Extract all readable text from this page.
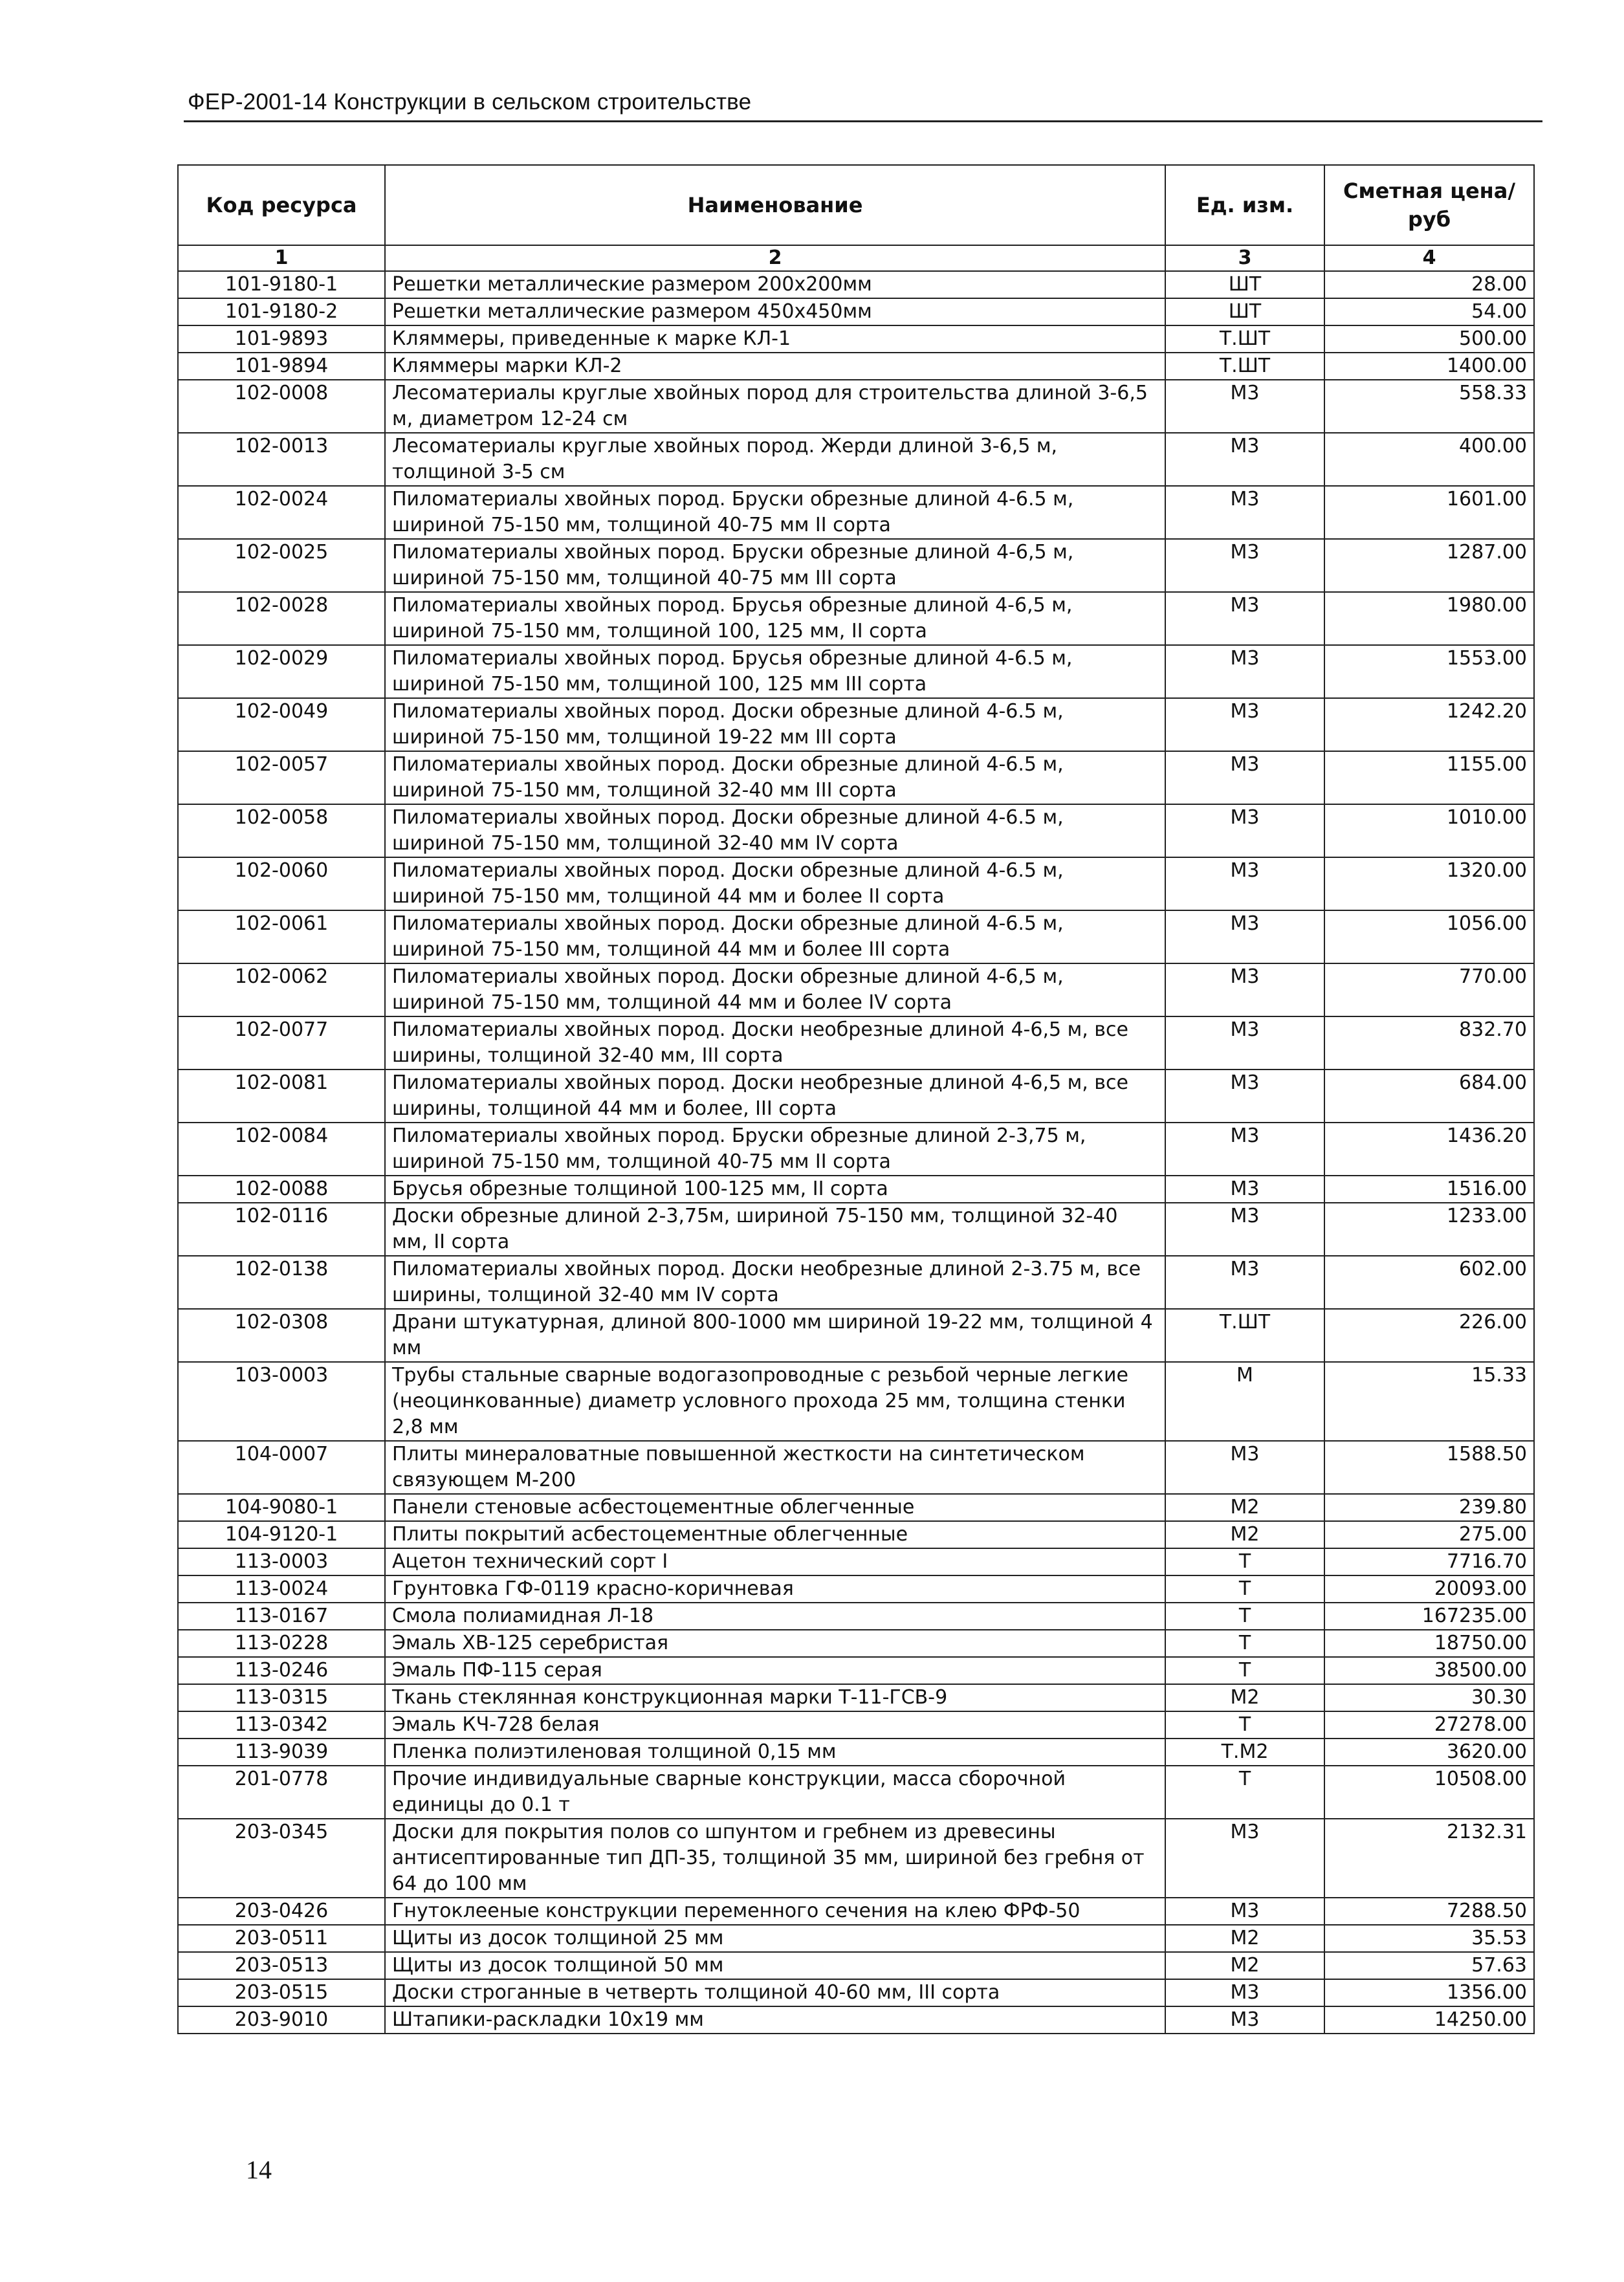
ФЕР-2001-14 Конструкции в сельском строительстве
Код ресурса	Наименование	Ед. изм.	Сметная цена/руб
1	2	3	4
101-9180-1	Решетки металлические размером 200х200мм	ШТ	28.00
101-9180-2	Решетки металлические размером 450х450мм	ШТ	54.00
101-9893	Кляммеры, приведенные к марке КЛ-1	Т.ШТ	500.00
101-9894	Кляммеры марки КЛ-2	Т.ШТ	1400.00
102-0008	Лесоматериалы круглые хвойных пород для строительства длиной 3-6,5 м, диаметром 12-24 см	М3	558.33
102-0013	Лесоматериалы круглые хвойных пород. Жерди длиной 3-6,5 м, толщиной 3-5 см	М3	400.00
102-0024	Пиломатериалы хвойных пород. Бруски обрезные длиной 4-6.5 м, шириной 75-150 мм, толщиной 40-75 мм II сорта	М3	1601.00
102-0025	Пиломатериалы хвойных пород. Бруски обрезные длиной 4-6,5 м, шириной 75-150 мм, толщиной 40-75 мм III сорта	М3	1287.00
102-0028	Пиломатериалы хвойных пород. Брусья обрезные длиной 4-6,5 м, шириной 75-150 мм, толщиной 100, 125 мм, II сорта	М3	1980.00
102-0029	Пиломатериалы хвойных пород. Брусья обрезные длиной 4-6.5 м, шириной 75-150 мм, толщиной 100, 125 мм III сорта	М3	1553.00
102-0049	Пиломатериалы хвойных пород. Доски обрезные длиной 4-6.5 м, шириной 75-150 мм, толщиной 19-22 мм III сорта	М3	1242.20
102-0057	Пиломатериалы хвойных пород. Доски обрезные длиной 4-6.5 м, шириной 75-150 мм, толщиной 32-40 мм III сорта	М3	1155.00
102-0058	Пиломатериалы хвойных пород. Доски обрезные длиной 4-6.5 м, шириной 75-150 мм, толщиной 32-40 мм IV сорта	М3	1010.00
102-0060	Пиломатериалы хвойных пород. Доски обрезные длиной 4-6.5 м, шириной 75-150 мм, толщиной 44 мм и более II сорта	М3	1320.00
102-0061	Пиломатериалы хвойных пород. Доски обрезные длиной 4-6.5 м, шириной 75-150 мм, толщиной 44 мм и более III сорта	М3	1056.00
102-0062	Пиломатериалы хвойных пород. Доски обрезные длиной 4-6,5 м, шириной 75-150 мм, толщиной 44 мм и более IV сорта	М3	770.00
102-0077	Пиломатериалы хвойных пород. Доски необрезные длиной 4-6,5 м, все ширины, толщиной 32-40 мм, III сорта	М3	832.70
102-0081	Пиломатериалы хвойных пород. Доски необрезные длиной 4-6,5 м, все ширины, толщиной 44 мм и более, III сорта	М3	684.00
102-0084	Пиломатериалы хвойных пород. Бруски обрезные длиной 2-3,75 м, шириной 75-150 мм, толщиной 40-75 мм II сорта	М3	1436.20
102-0088	Брусья обрезные толщиной 100-125 мм, II сорта	М3	1516.00
102-0116	Доски обрезные длиной 2-3,75м, шириной 75-150 мм, толщиной 32-40 мм, II сорта	М3	1233.00
102-0138	Пиломатериалы хвойных пород. Доски необрезные длиной 2-3.75 м, все ширины, толщиной 32-40 мм IV сорта	М3	602.00
102-0308	Драни штукатурная, длиной 800-1000 мм шириной 19-22 мм, толщиной 4 мм	Т.ШТ	226.00
103-0003	Трубы стальные сварные водогазопроводные с резьбой черные легкие (неоцинкованные) диаметр условного прохода 25 мм, толщина стенки 2,8 мм	М	15.33
104-0007	Плиты минераловатные повышенной жесткости на синтетическом связующем М-200	М3	1588.50
104-9080-1	Панели стеновые асбестоцементные облегченные	М2	239.80
104-9120-1	Плиты покрытий асбестоцементные облегченные	М2	275.00
113-0003	Ацетон технический сорт I	Т	7716.70
113-0024	Грунтовка ГФ-0119 красно-коричневая	Т	20093.00
113-0167	Смола полиамидная Л-18	Т	167235.00
113-0228	Эмаль ХВ-125 серебристая	Т	18750.00
113-0246	Эмаль ПФ-115 серая	Т	38500.00
113-0315	Ткань стеклянная конструкционная марки Т-11-ГСВ-9	М2	30.30
113-0342	Эмаль КЧ-728 белая	Т	27278.00
113-9039	Пленка полиэтиленовая толщиной 0,15 мм	Т.М2	3620.00
201-0778	Прочие индивидуальные сварные конструкции, масса сборочной единицы до 0.1 т	Т	10508.00
203-0345	Доски для покрытия полов со шпунтом и гребнем из древесины антисептированные тип ДП-35, толщиной 35 мм, шириной без гребня от 64 до 100 мм	М3	2132.31
203-0426	Гнутоклееные конструкции переменного сечения на клею ФРФ-50	М3	7288.50
203-0511	Щиты из досок толщиной 25 мм	М2	35.53
203-0513	Щиты из досок толщиной 50 мм	М2	57.63
203-0515	Доски строганные в четверть толщиной 40-60 мм, III сорта	М3	1356.00
203-9010	Штапики-раскладки 10х19 мм	М3	14250.00
14
